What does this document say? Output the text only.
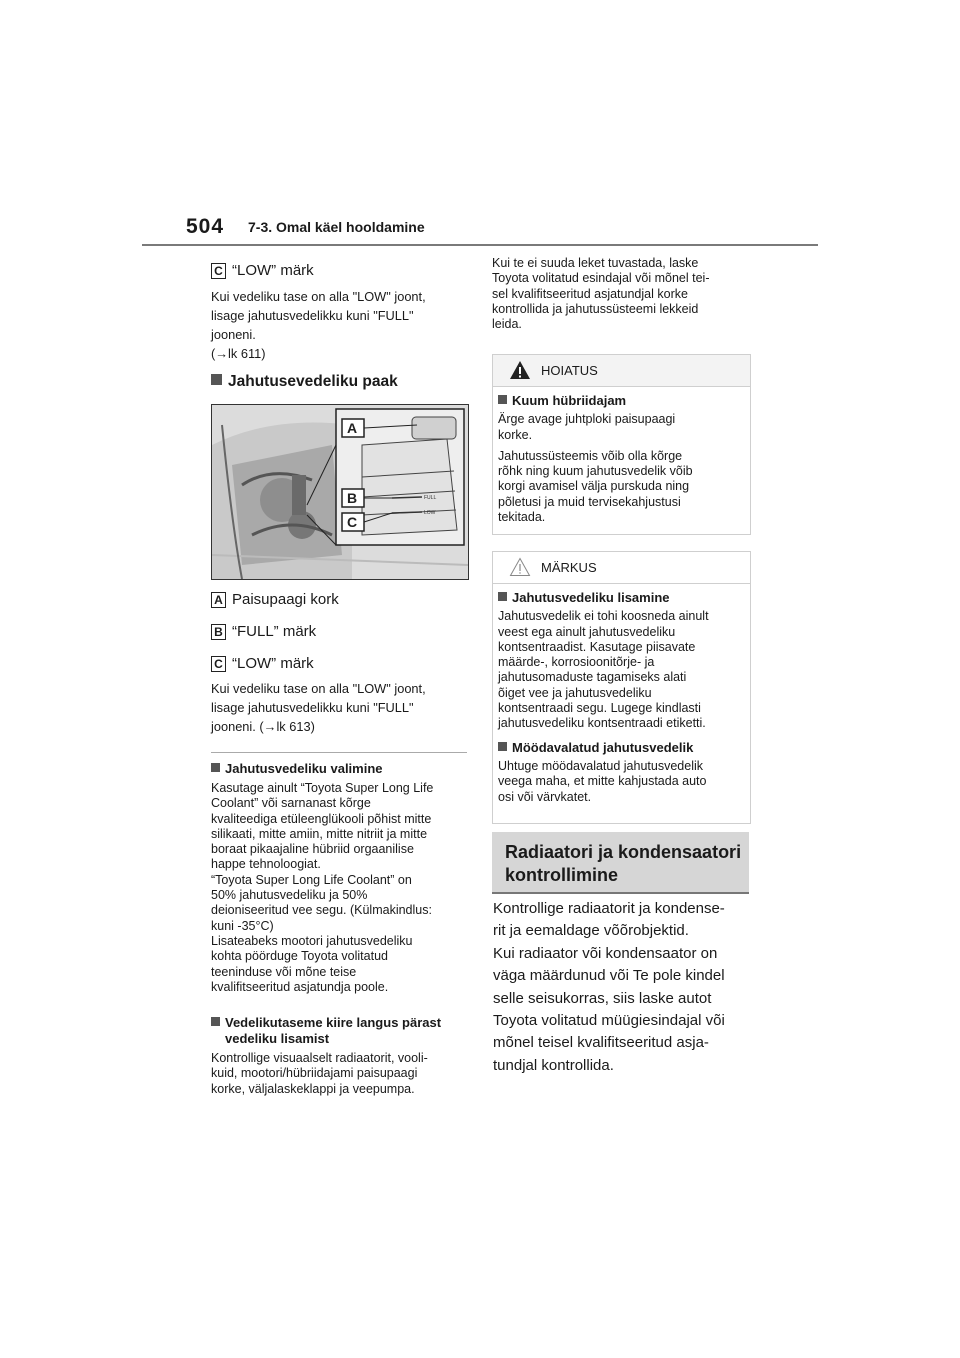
504 7-3. Omal käel hooldamine
C “LOW” märk
Kui vedeliku tase on alla "LOW" joont,
lisage jahutusvedelikku kuni "FULL"
jooneni.
(→lk 611)
Jahutusevedeliku paak
A
B
C
FULL
LOW
A Paisupaagi kork
B “FULL” märk
C “LOW” märk
Kui vedeliku tase on alla "LOW" joont,
lisage jahutusvedelikku kuni "FULL"
jooneni. (→lk 613)
Jahutusvedeliku valimine
Kasutage ainult “Toyota Super Long Life
Coolant” või sarnanast kõrge
kvaliteediga etüleenglükooli põhist mitte
silikaati, mitte amiin, mitte nitriit ja mitte
boraat pikaajaline hübriid orgaanilise
happe tehnoloogiat.
“Toyota Super Long Life Coolant” on
50% jahutusvedeliku ja 50%
deioniseeritud vee segu. (Külmakindlus:
kuni -35°C)
Lisateabeks mootori jahutusvedeliku
kohta pöörduge Toyota volitatud
teeninduse või mõne teise
kvalifitseeritud asjatundja poole.
Vedelikutaseme kiire langus pärast
vedeliku lisamist
Kontrollige visuaalselt radiaatorit, vooli-
kuid, mootori/hübriidajami paisupaagi
korke, väljalaskeklappi ja veepumpa.
Kui te ei suuda leket tuvastada, laske
Toyota volitatud esindajal või mõnel tei-
sel kvalifitseeritud asjatundjal korke
kontrollida ja jahutussüsteemi lekkeid
leida.
HOIATUS
Kuum hübriidajam
Ärge avage juhtploki paisupaagi
korke.
Jahutussüsteemis võib olla kõrge
rõhk ning kuum jahutusvedelik võib
korgi avamisel välja purskuda ning
põletusi ja muid tervisekahjustusi
tekitada.
MÄRKUS
Jahutusvedeliku lisamine
Jahutusvedelik ei tohi koosneda ainult
veest ega ainult jahutusvedeliku
kontsentraadist. Kasutage piisavate
määrde-, korrosioonitõrje- ja
jahutusomaduste tagamiseks alati
õiget vee ja jahutusvedeliku
kontsentraadi segu. Lugege kindlasti
jahutusvedeliku kontsentraadi etiketti.
Möödavalatud jahutusvedelik
Uhtuge möödavalatud jahutusvedelik
veega maha, et mitte kahjustada auto
osi või värvkatet.
Radiaatori ja kondensaatori
kontrollimine
Kontrollige radiaatorit ja kondense-
rit ja eemaldage võõrobjektid.
Kui radiaator või kondensaator on
väga määrdunud või Te pole kindel
selle seisukorras, siis laske autot
Toyota volitatud müügiesindajal või
mõnel teisel kvalifitseeritud asja-
tundjal kontrollida.
